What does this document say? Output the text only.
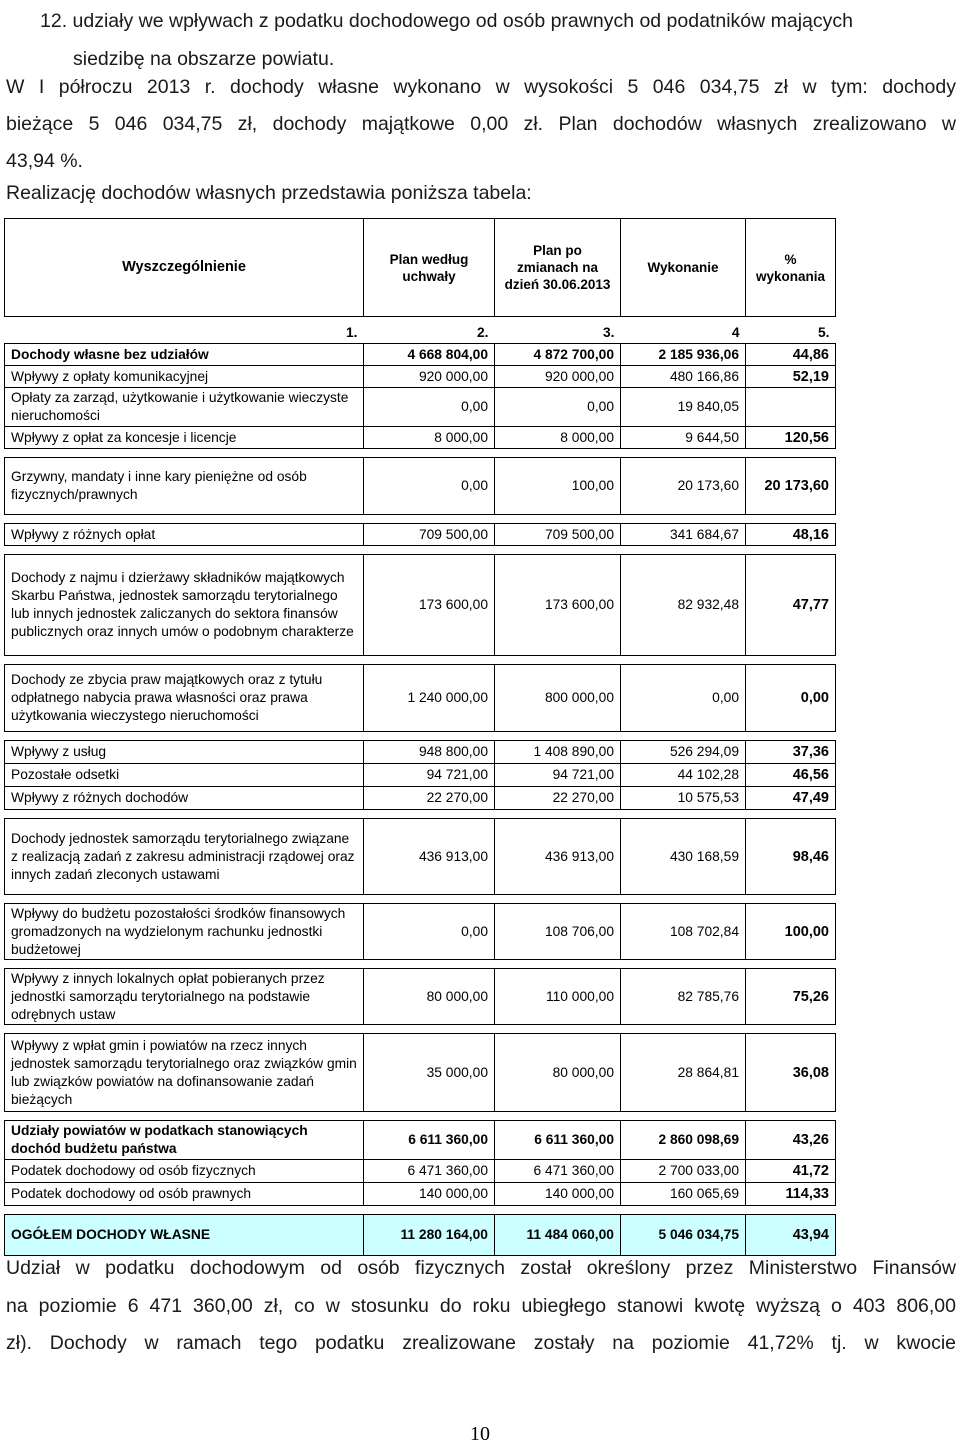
12. udziały we wpływach z podatku dochodowego od osób prawnych od podatników mających
siedzibę na obszarze powiatu.
W I półroczu 2013 r. dochody własne wykonano w wysokości 5 046 034,75 zł w tym: dochody
bieżące 5 046 034,75 zł, dochody majątkowe 0,00 zł. Plan dochodów własnych zrealizowano w
43,94 %.
Realizację dochodów własnych przedstawia poniższa tabela:
Wyszczególnienie	Plan według uchwały	Plan po zmianach na dzień 30.06.2013	Wykonanie	% wykonania
1.	2.	3.	4	5.
Dochody własne bez udziałów	4 668 804,00	4 872 700,00	2 185 936,06	44,86
Wpływy z opłaty komunikacyjnej	920 000,00	920 000,00	480 166,86	52,19
Opłaty za zarząd, użytkowanie i użytkowanie wieczyste nieruchomości	0,00	0,00	19 840,05	
Wpływy z opłat za koncesje i licencje	8 000,00	8 000,00	9 644,50	120,56

Grzywny, mandaty i inne kary pieniężne od osób fizycznych/prawnych	0,00	100,00	20 173,60	20 173,60

Wpływy z różnych opłat	709 500,00	709 500,00	341 684,67	48,16

Dochody z najmu i dzierżawy składników majątkowych Skarbu Państwa, jednostek samorządu terytorialnego lub innych jednostek zaliczanych do sektora finansów publicznych oraz innych umów o podobnym charakterze	173 600,00	173 600,00	82 932,48	47,77

Dochody ze zbycia praw majątkowych oraz z tytułu odpłatnego nabycia prawa własności oraz prawa użytkowania wieczystego nieruchomości	1 240 000,00	800 000,00	0,00	0,00

Wpływy z usług	948 800,00	1 408 890,00	526 294,09	37,36
Pozostałe odsetki	94 721,00	94 721,00	44 102,28	46,56
Wpływy z różnych dochodów	22 270,00	22 270,00	10 575,53	47,49

Dochody jednostek samorządu terytorialnego związane z realizacją zadań z zakresu administracji rządowej oraz innych zadań zleconych ustawami	436 913,00	436 913,00	430 168,59	98,46

Wpływy do budżetu pozostałości środków finansowych gromadzonych na wydzielonym rachunku jednostki budżetowej	0,00	108 706,00	108 702,84	100,00

Wpływy z innych lokalnych opłat pobieranych przez jednostki samorządu terytorialnego na podstawie odrębnych ustaw	80 000,00	110 000,00	82 785,76	75,26

Wpływy z wpłat gmin i powiatów na rzecz innych jednostek samorządu terytorialnego oraz związków gmin lub związków powiatów na dofinansowanie zadań bieżących	35 000,00	80 000,00	28 864,81	36,08

Udziały powiatów w podatkach stanowiących dochód budżetu państwa	6 611 360,00	6 611 360,00	2 860 098,69	43,26
Podatek dochodowy od osób fizycznych	6 471 360,00	6 471 360,00	2 700 033,00	41,72
Podatek dochodowy od osób prawnych	140 000,00	140 000,00	160 065,69	114,33

OGÓŁEM DOCHODY WŁASNE	11 280 164,00	11 484 060,00	5 046 034,75	43,94
Udział w podatku dochodowym od osób fizycznych został określony przez Ministerstwo Finansów
na poziomie 6 471 360,00 zł, co w stosunku do roku ubiegłego stanowi kwotę wyższą o 403 806,00
zł). Dochody w ramach tego podatku zrealizowane zostały na poziomie 41,72% tj. w kwocie
10
